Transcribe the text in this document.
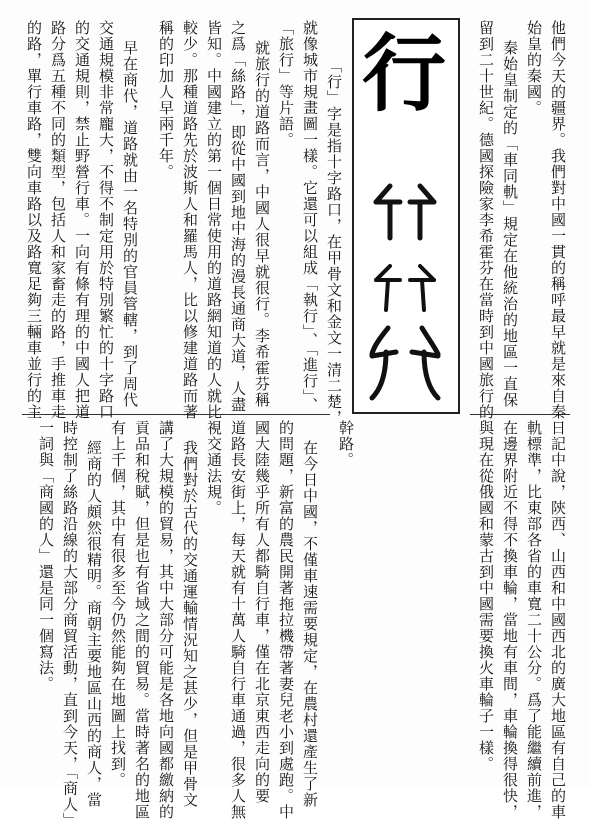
行	他們今天的疆界。我們對中國一貫的稱呼最早就是來自秦
始皇的秦國。
秦始皇制定的「車同軌」規定在他統治的地區一直保
留到二十世紀。德國探險家李希霍芬在當時到中國旅行的
「行」字是指十字路口，在甲骨文和金文一清二楚，
就像城市規畫圖一樣。它還可以組成「執行」、「進行」、
「旅行」等片語。
就旅行的道路而言，中國人很早就很行。李希霍芬稱
之爲「絲路」，即從中國到地中海的漫長通商大道，人盡
皆知。中國建立的第一個日常使用的道路網知道的人就比
較少。那種道路先於波斯人和羅馬人，比以修建道路而著
稱的印加人早兩千年。
早在商代，道路就由一名特別的官員管轄，到了周代
交通規模非常龐大，不得不制定用於特別繁忙的十字路口
的交通規則，禁止野營行車。一向有條有理的中國人把道
路分爲五種不同的類型，包括人和家畜走的路，手推車走
的路，單行車路，雙向車路以及路寬足夠三輛車並行的主
日記中說，陝西、山西和中國西北的廣大地區有自己的車
軌標準，比東部各省的車寬二十公分。爲了能繼續前進，
在邊界附近不得不換車輪，當地有車間，車輪換得很快，
與現在從俄國和蒙古到中國需要換火車輪子一樣。
幹路。
在今日中國，不僅車速需要規定，在農村還產生了新
的問題，新富的農民開著拖拉機帶著妻兒老小到處跑。中
國大陸幾乎所有人都騎自行車，僅在北京東西走向的要
道路長安街上，每天就有十萬人騎自行車通過，很多人無
視交通法規。
我們對於古代的交通運輸情況知之甚少，但是甲骨文
講了大規模的貿易，其中大部分可能是各地向國都繳納的
貢品和稅賦，但是也有省域之間的貿易。當時著名的地區
有上千個，其中有很多至今仍然能夠在地圖上找到。
經商的人頗然很精明。商朝主要地區山西的商人，當
時控制了絲路沿線的大部分商貿活動，直到今天，「商人」
一詞與「商國的人」還是同一個寫法。
